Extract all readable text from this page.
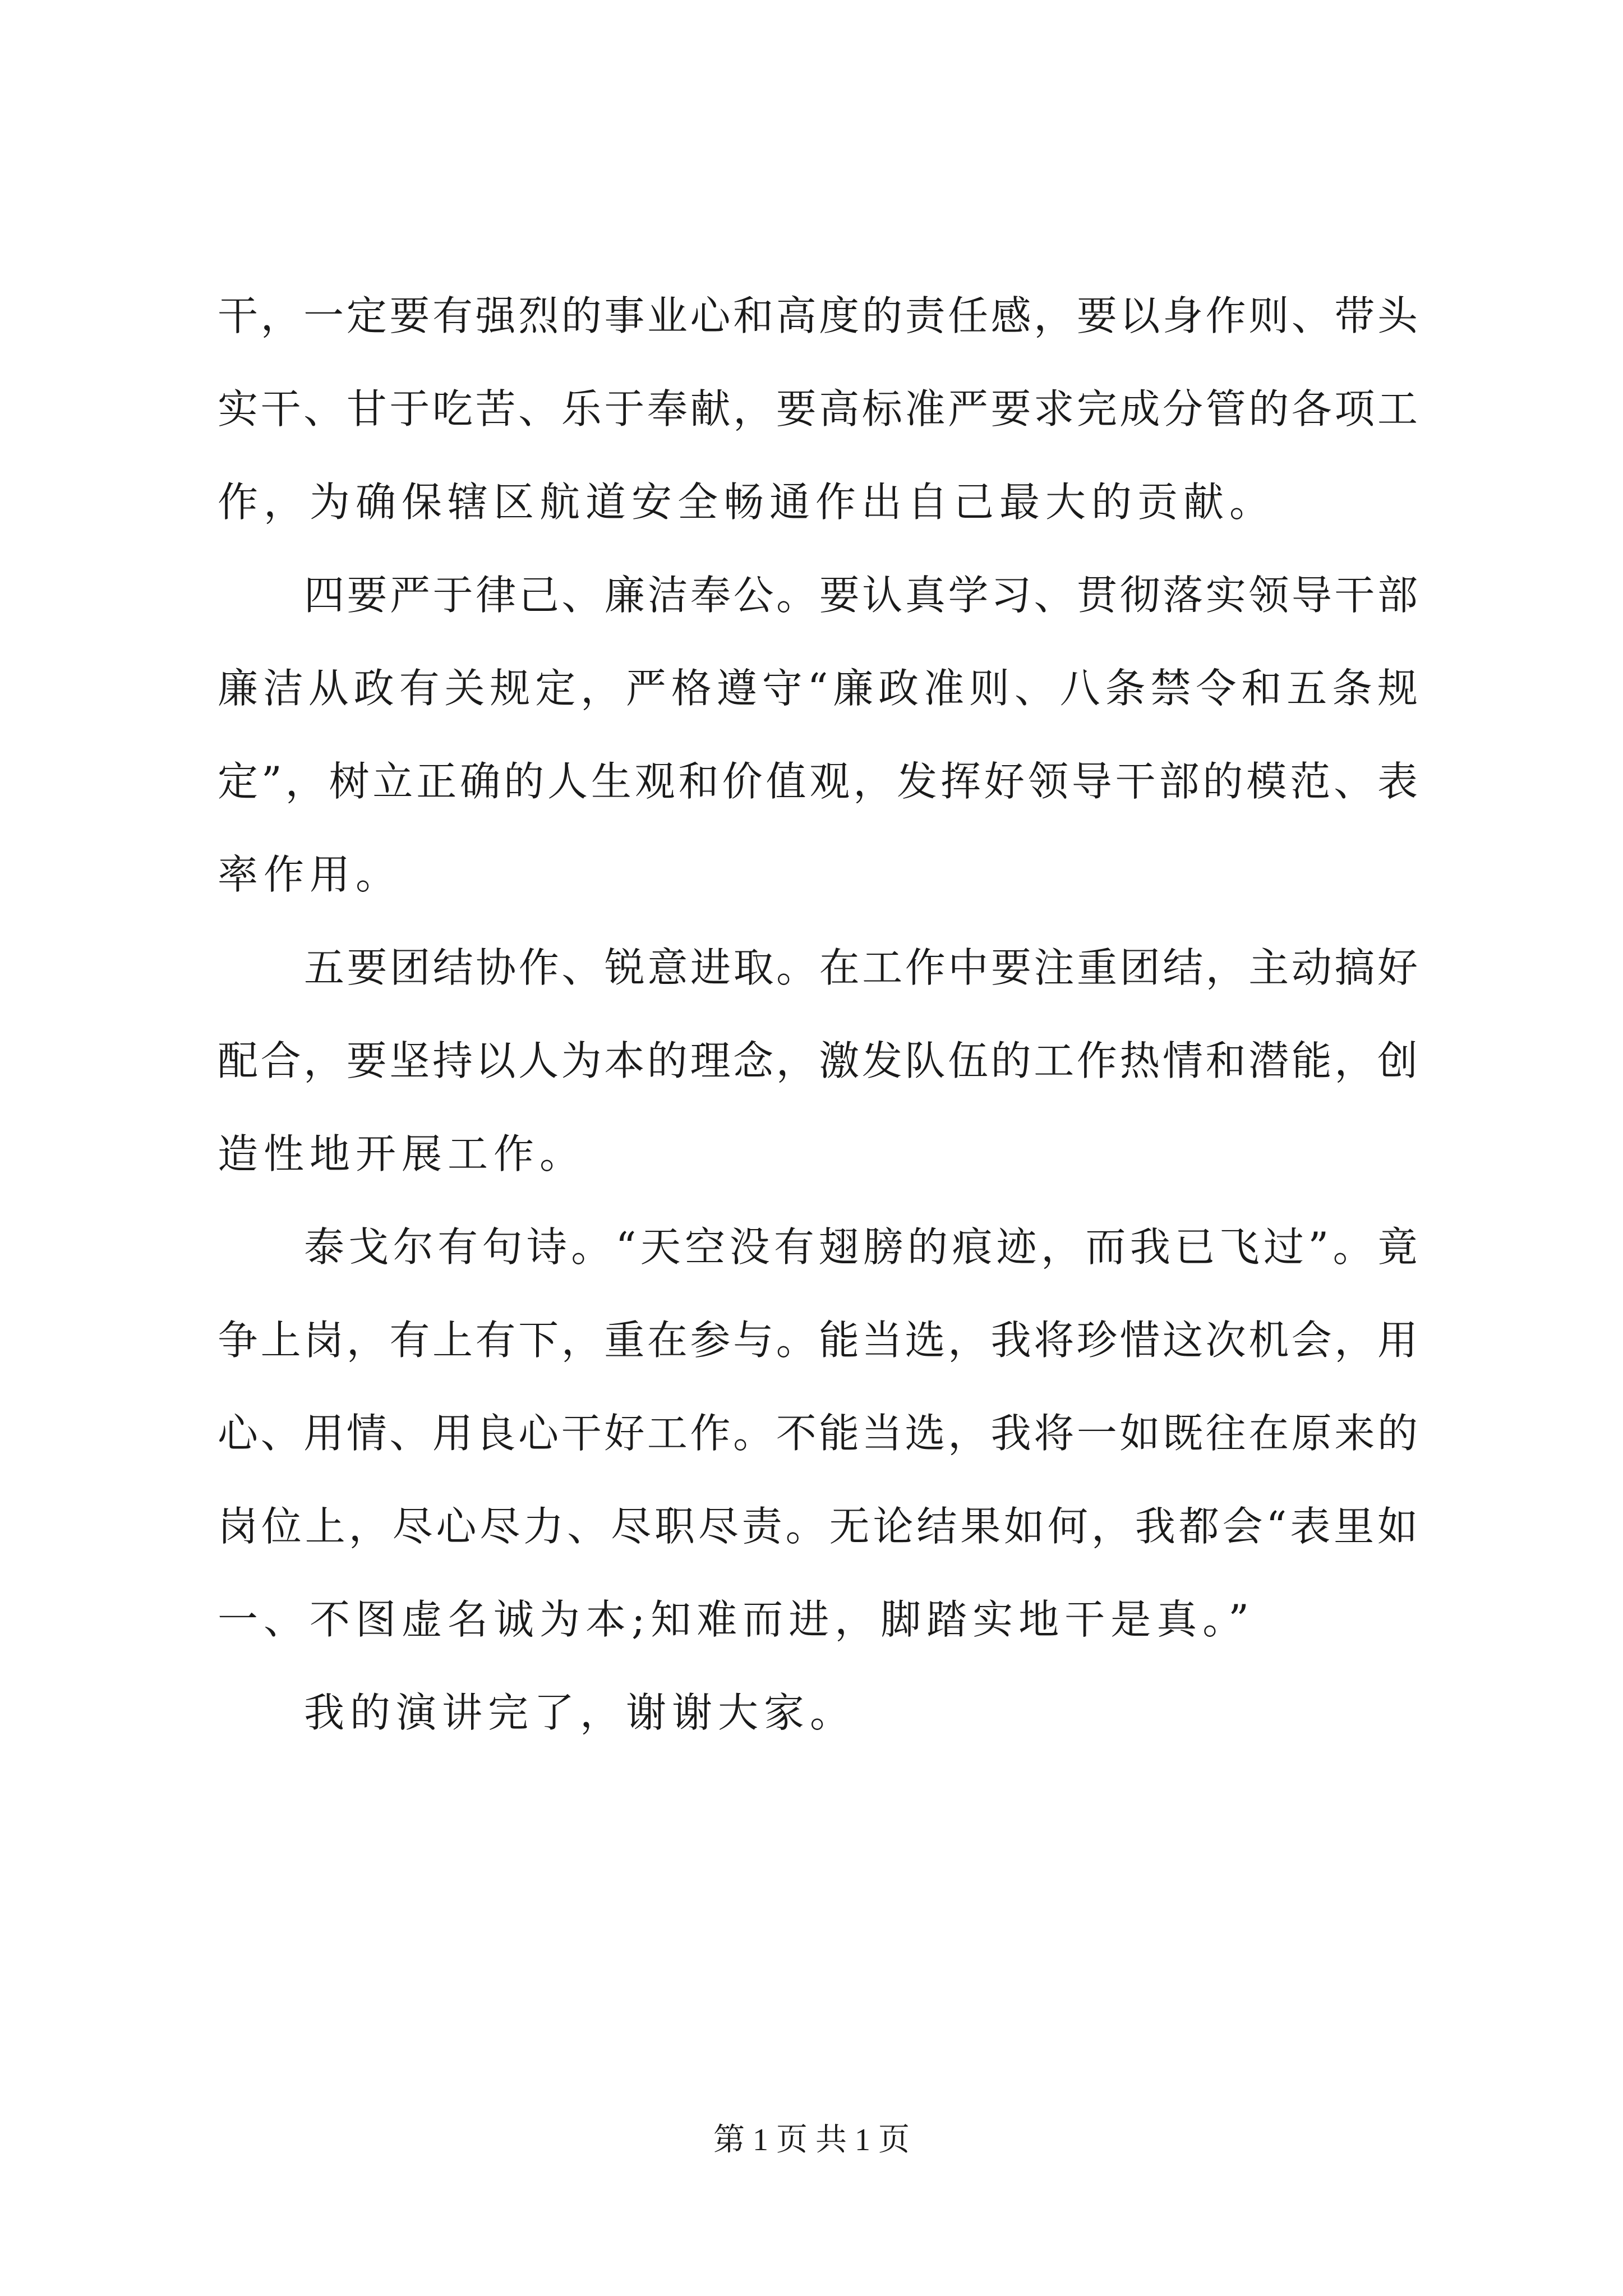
干，一定要有强烈的事业心和高度的责任感，要以身作则、带头
实干、甘于吃苦、乐于奉献，要高标准严要求完成分管的各项工
作，为确保辖区航道安全畅通作出自己最大的贡献。
四要严于律己、廉洁奉公。要认真学习、贯彻落实领导干部
廉洁从政有关规定，严格遵守“廉政准则、八条禁令和五条规
定”，树立正确的人生观和价值观，发挥好领导干部的模范、表
率作用。
五要团结协作、锐意进取。在工作中要注重团结，主动搞好
配合，要坚持以人为本的理念，激发队伍的工作热情和潜能，创
造性地开展工作。
泰戈尔有句诗。“天空没有翅膀的痕迹，而我已飞过”。竟
争上岗，有上有下，重在参与。能当选，我将珍惜这次机会，用
心、用情、用良心干好工作。不能当选，我将一如既往在原来的
岗位上，尽心尽力、尽职尽责。无论结果如何，我都会“表里如
一、不图虚名诚为本;知难而进，脚踏实地干是真。”
我的演讲完了，谢谢大家。
第 1 页 共 1 页
